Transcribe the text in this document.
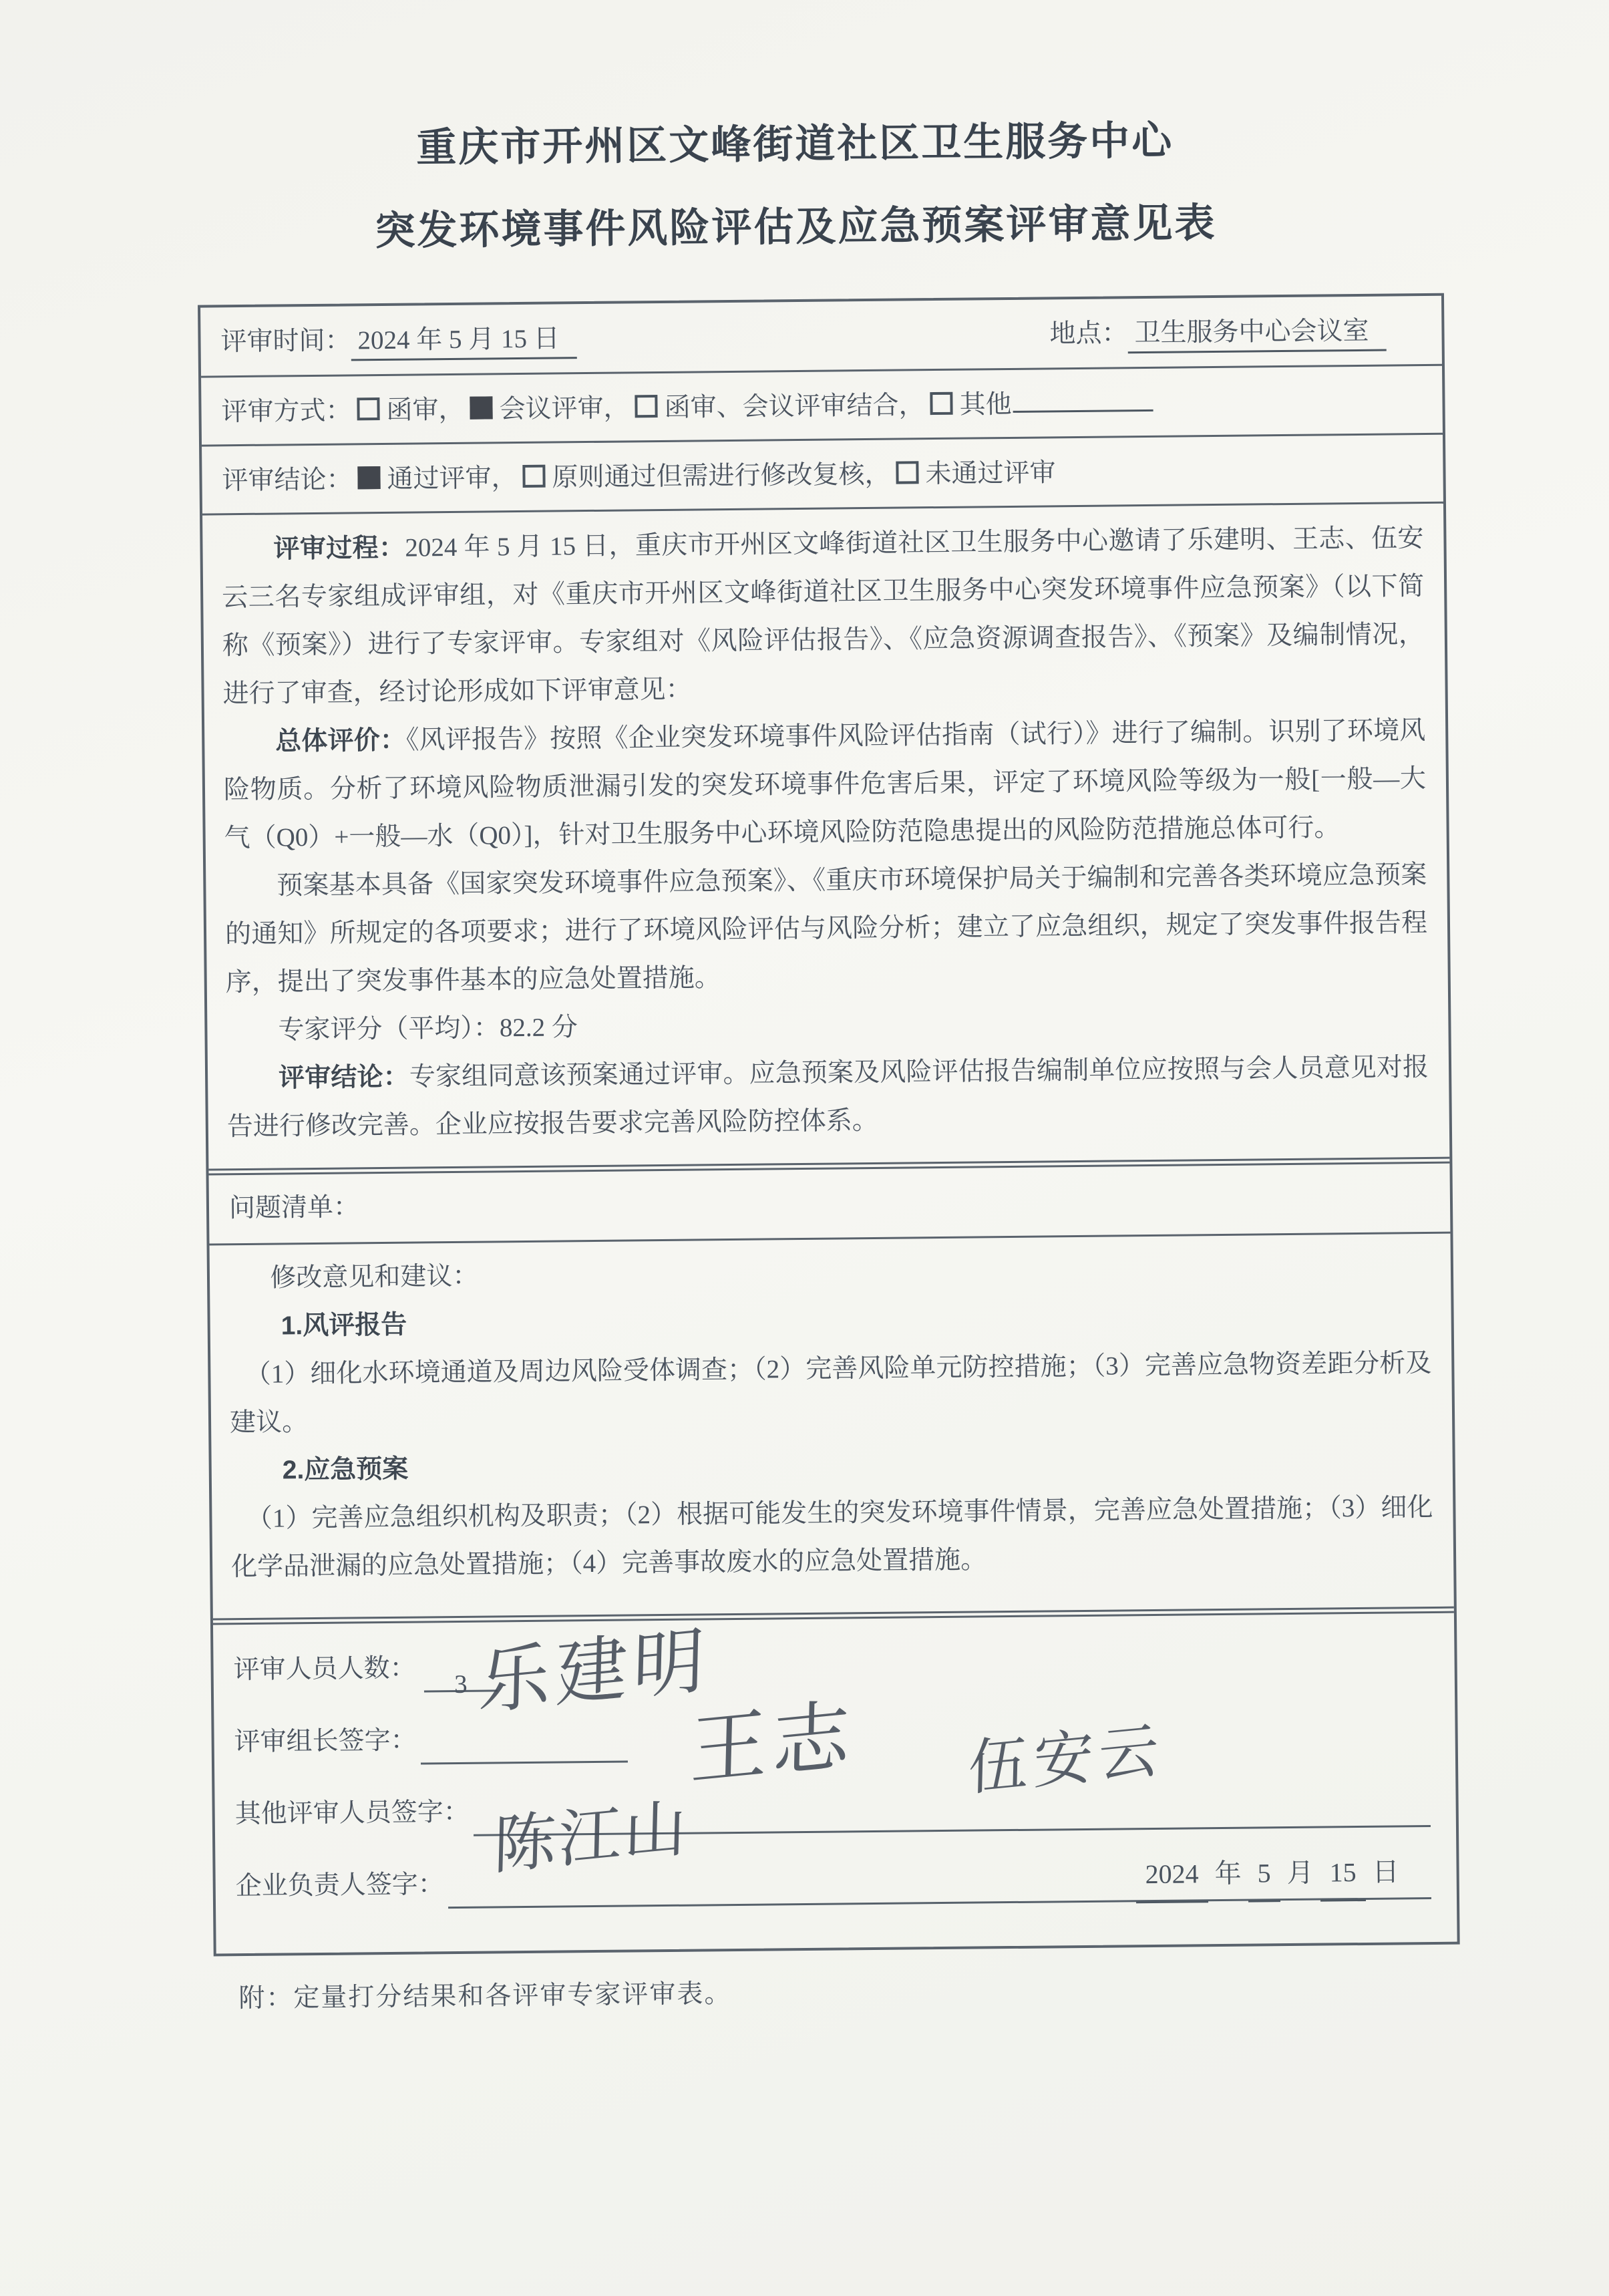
重庆市开州区文峰街道社区卫生服务中心
突发环境事件风险评估及应急预案评审意见表
评审时间： 2024 年 5 月 15 日	地点： 卫生服务中心会议室
评审方式： 函审， 会议评审， 函审、会议评审结合， 其他
评审结论： 通过评审， 原则通过但需进行修改复核， 未通过评审

评审过程：2024 年 5 月 15 日，重庆市开州区文峰街道社区卫生服务中心邀请了乐建明、王志、伍安云三名专家组成评审组，对《重庆市开州区文峰街道社区卫生服务中心突发环境事件应急预案》（以下简称《预案》）进行了专家评审。专家组对《风险评估报告》、《应急资源调查报告》、《预案》及编制情况，进行了审查，经讨论形成如下评审意见：

总体评价：《风评报告》按照《企业突发环境事件风险评估指南（试行）》进行了编制。识别了环境风险物质。分析了环境风险物质泄漏引发的突发环境事件危害后果，评定了环境风险等级为一般[一般—大气（Q0）+一般—水（Q0）]，针对卫生服务中心环境风险防范隐患提出的风险防范措施总体可行。

预案基本具备《国家突发环境事件应急预案》、《重庆市环境保护局关于编制和完善各类环境应急预案的通知》所规定的各项要求；进行了环境风险评估与风险分析；建立了应急组织，规定了突发事件报告程序，提出了突发事件基本的应急处置措施。

专家评分（平均）：82.2 分

评审结论：专家组同意该预案通过评审。应急预案及风险评估报告编制单位应按照与会人员意见对报告进行修改完善。企业应按报告要求完善风险防控体系。

问题清单：

修改意见和建议：

1.风评报告

（1）细化水环境通道及周边风险受体调查；（2）完善风险单元防控措施；（3）完善应急物资差距分析及建议。

2.应急预案

（1）完善应急组织机构及职责；（2）根据可能发生的突发环境事件情景，完善应急处置措施；（3）细化化学品泄漏的应急处置措施；（4）完善事故废水的应急处置措施。

评审人员人数：
3
评审组长签字：
其他评审人员签字：
企业负责人签字：
乐建明
王志 伍安云
陈江山	2024 年 5 月 15 日
附：定量打分结果和各评审专家评审表。
